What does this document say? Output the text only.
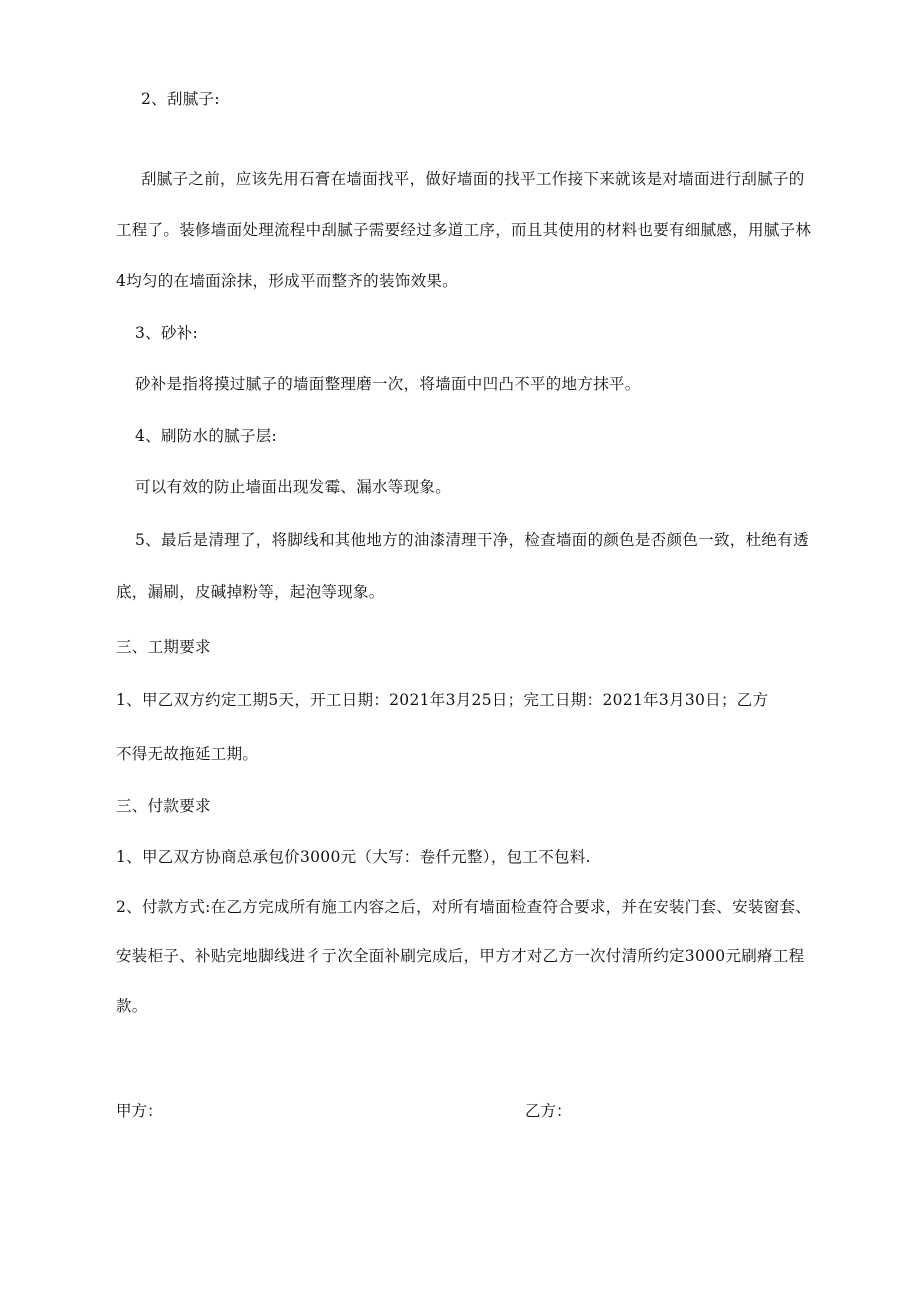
2、刮腻子:
刮腻子之前，应该先用石膏在墙面找平，做好墙面的找平工作接下来就该是对墙面进行刮腻子的
工程了。装修墙面处理流程中刮腻子需要经过多道工序，而且其使用的材料也要有细腻感，用腻子林
4均匀的在墙面涂抹，形成平而整齐的装饰效果。
3、砂补:
砂补是指将摸过腻子的墙面整理磨一次，将墙面中凹凸不平的地方抹平。
4、刷防水的腻子层:
可以有效的防止墙面出现发霉、漏水等现象。
5、最后是清理了，将脚线和其他地方的油漆清理干净，检查墙面的颜色是否颜色一致，杜绝有透
底，漏刷，皮碱掉粉等，起泡等现象。
三、工期要求
1、甲乙双方约定工期5天，开工日期：2021年3月25日；完工日期：2021年3月30日；乙方
不得无故拖延工期。
三、付款要求
1、甲乙双方协商总承包价3000元（大写：卷仟元整），包工不包料.
2、付款方式:在乙方完成所有施工内容之后，对所有墙面检查符合要求，并在安装门套、安装窗套、
安装柜子、补贴完地脚线进彳亍次全面补刷完成后，甲方才对乙方一次付清所约定3000元刷瘠工程
款。
甲方：	乙方：
